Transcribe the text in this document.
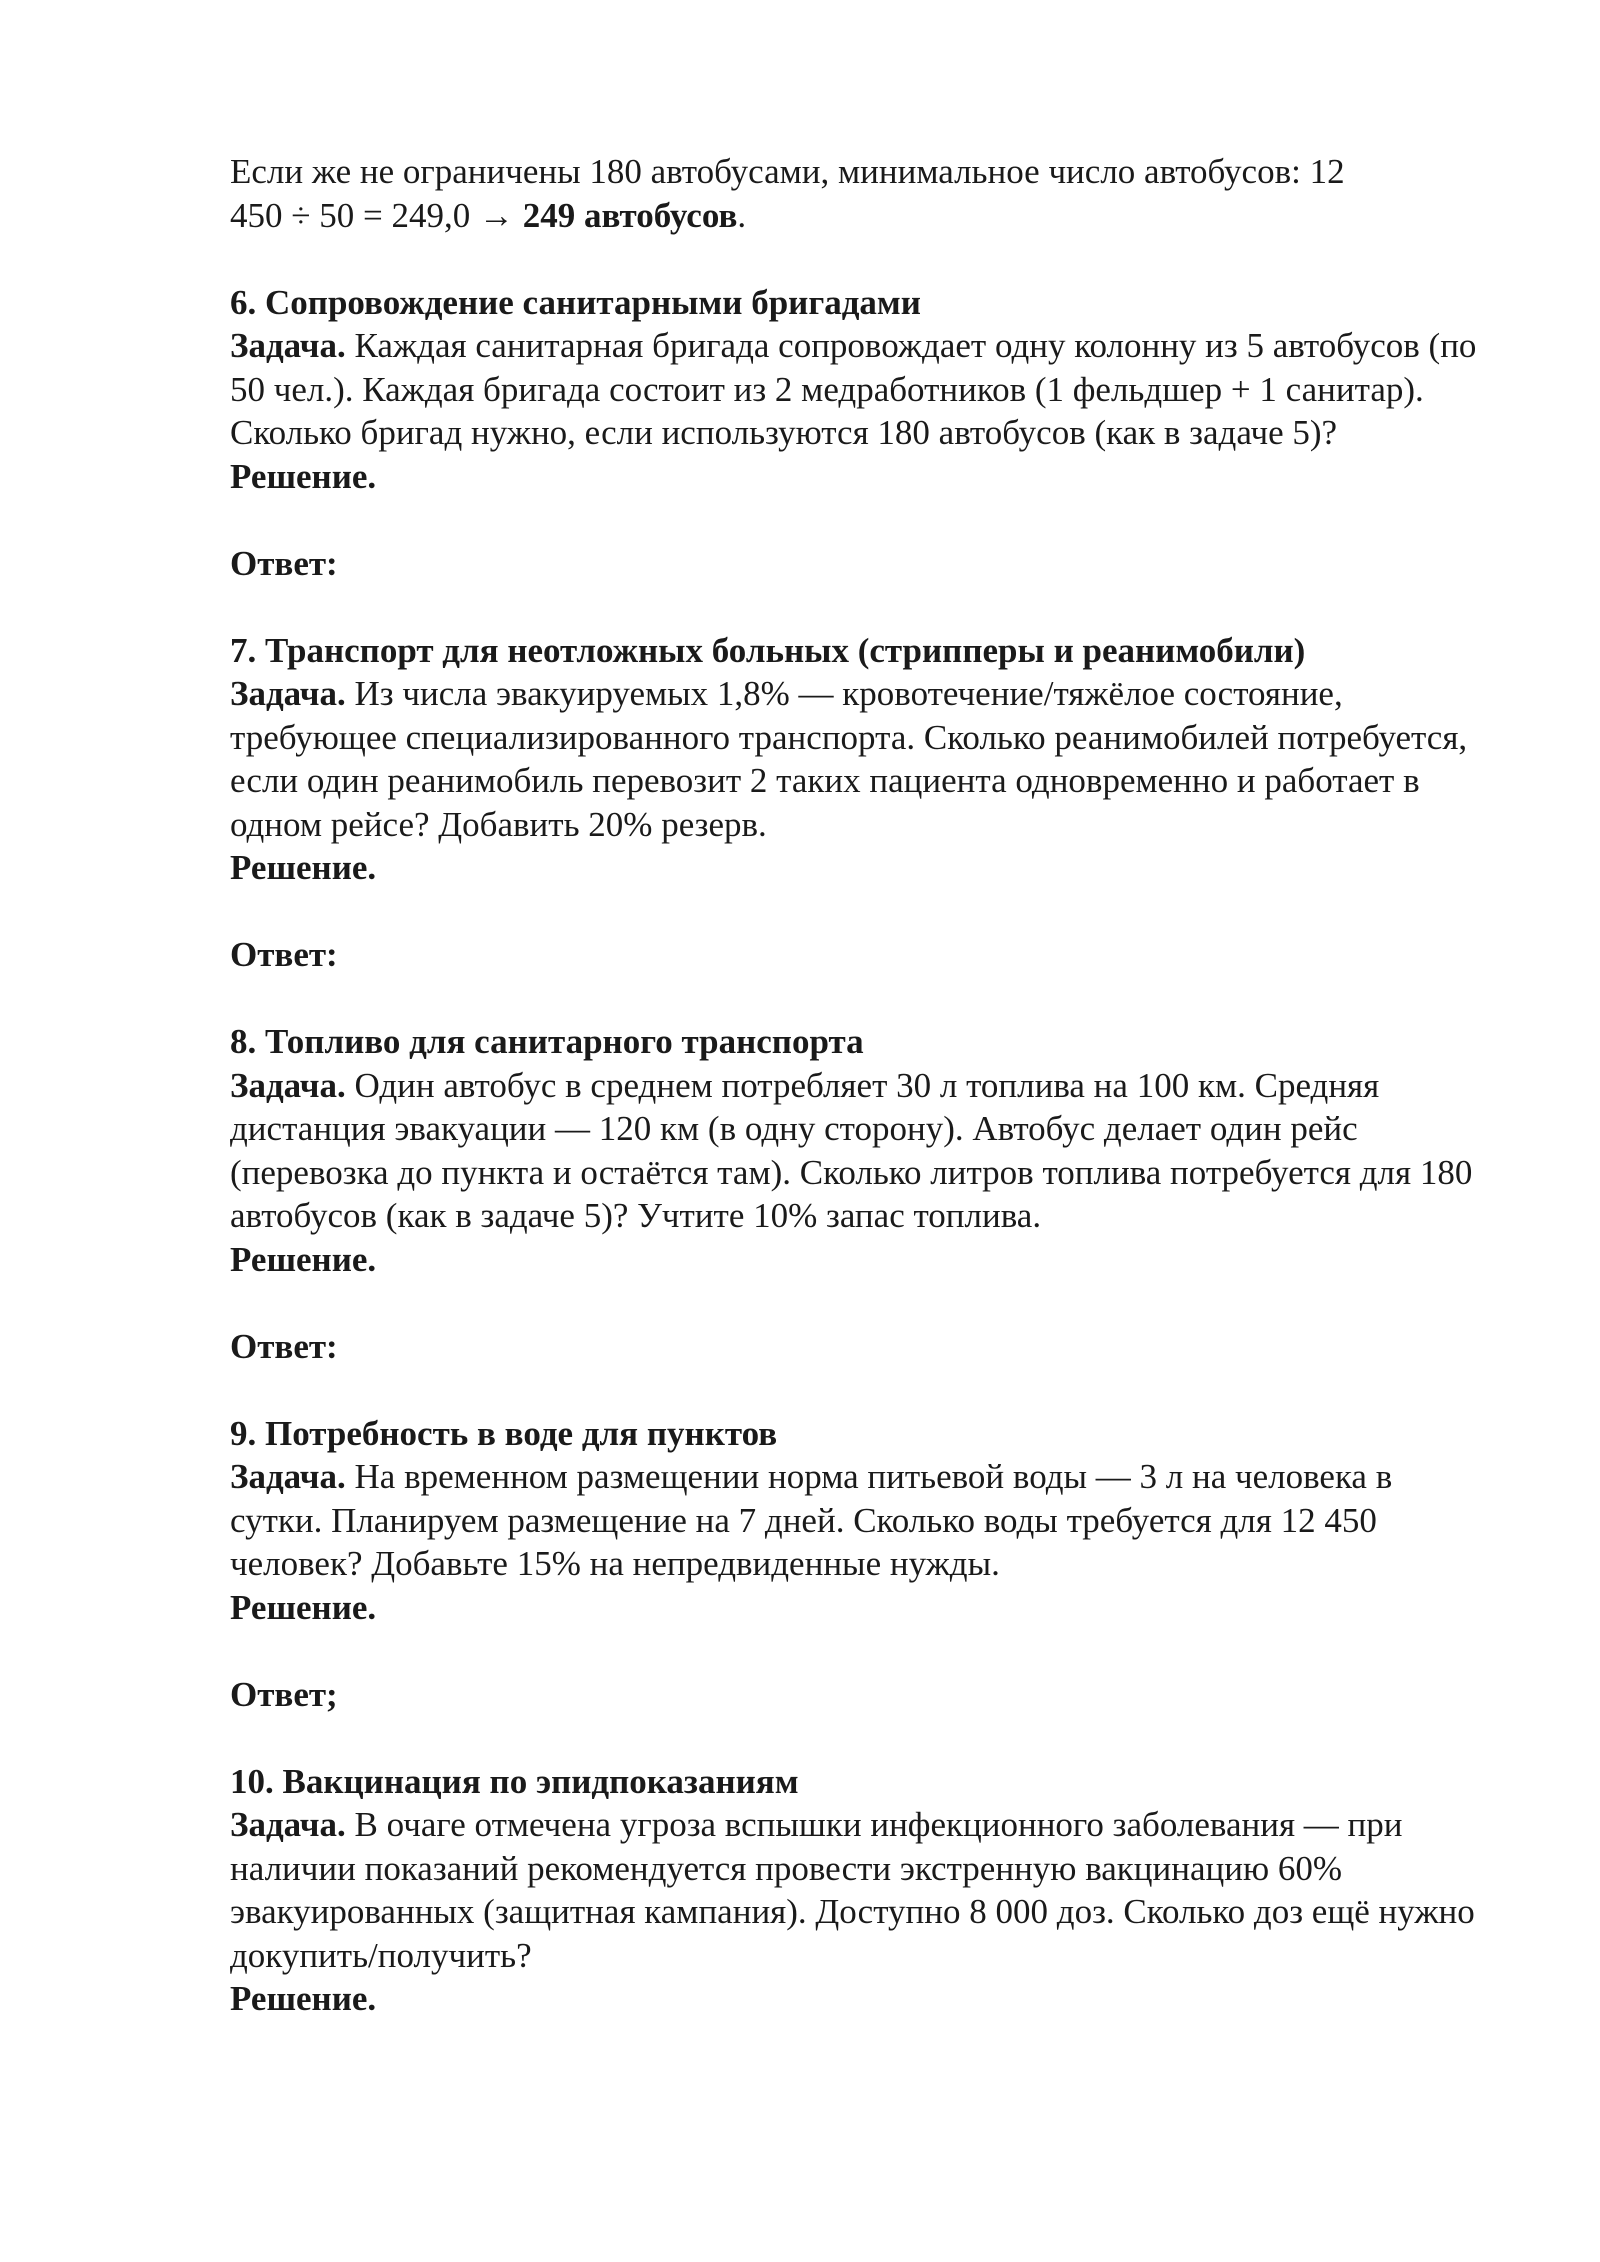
Если же не ограничены 180 автобусами, минимальное число автобусов: 12
450 ÷ 50 = 249,0 → 249 автобусов.
6. Сопровождение санитарными бригадами
Задача. Каждая санитарная бригада сопровождает одну колонну из 5 автобусов (по 50 чел.). Каждая бригада состоит из 2 медработников (1 фельдшер + 1 санитар). Сколько бригад нужно, если используются 180 автобусов (как в задаче 5)?
Решение.
Ответ:
7. Транспорт для неотложных больных (стрипперы и реанимобили)
Задача. Из числа эвакуируемых 1,8% — кровотечение/тяжёлое состояние, требующее специализированного транспорта. Сколько реанимобилей потребуется, если один реанимобиль перевозит 2 таких пациента одновременно и работает в одном рейсе? Добавить 20% резерв.
Решение.
Ответ:
8. Топливо для санитарного транспорта
Задача. Один автобус в среднем потребляет 30 л топлива на 100 км. Средняя дистанция эвакуации — 120 км (в одну сторону). Автобус делает один рейс (перевозка до пункта и остаётся там). Сколько литров топлива потребуется для 180 автобусов (как в задаче 5)? Учтите 10% запас топлива.
Решение.
Ответ:
9. Потребность в воде для пунктов
Задача. На временном размещении норма питьевой воды — 3 л на человека в сутки. Планируем размещение на 7 дней. Сколько воды требуется для 12 450 человек? Добавьте 15% на непредвиденные нужды.
Решение.
Ответ;
10. Вакцинация по эпидпоказаниям
Задача. В очаге отмечена угроза вспышки инфекционного заболевания — при наличии показаний рекомендуется провести экстренную вакцинацию 60% эвакуированных (защитная кампания). Доступно 8 000 доз. Сколько доз ещё нужно докупить/получить?
Решение.
